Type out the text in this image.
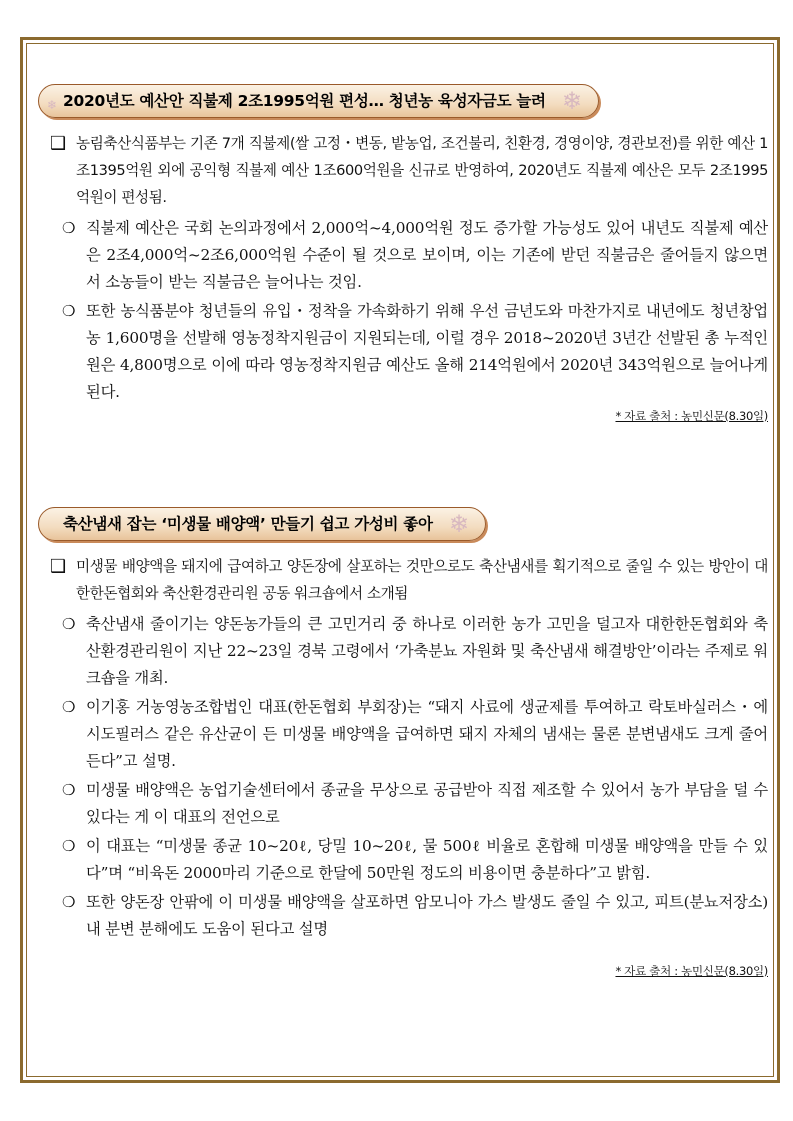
❄ 2020년도 예산안 직불제 2조1995억원 편성… 청년농 육성자금도 늘려 ❄
❑ 농림축산식품부는 기존 7개 직불제(쌀 고정・변동, 밭농업, 조건불리, 친환경, 경영이양, 경관보전)를 위한 예산 1조1395억원 외에 공익형 직불제 예산 1조600억원을 신규로 반영하여, 2020년도 직불제 예산은 모두 2조1995억원이 편성됨.
❍ 직불제 예산은 국회 논의과정에서 2,000억~4,000억원 정도 증가할 가능성도 있어 내년도 직불제 예산은 2조4,000억~2조6,000억원 수준이 될 것으로 보이며, 이는 기존에 받던 직불금은 줄어들지 않으면서 소농들이 받는 직불금은 늘어나는 것임.
❍ 또한 농식품분야 청년들의 유입・정착을 가속화하기 위해 우선 금년도와 마찬가지로 내년에도 청년창업농 1,600명을 선발해 영농정착지원금이 지원되는데, 이럴 경우 2018~2020년 3년간 선발된 총 누적인원은 4,800명으로 이에 따라 영농정착지원금 예산도 올해 214억원에서 2020년 343억원으로 늘어나게 된다.
* 자료 출처 : 농민신문(8.30일)
축산냄새 잡는 ‘미생물 배양액’ 만들기 쉽고 가성비 좋아 ❄
❑ 미생물 배양액을 돼지에 급여하고 양돈장에 살포하는 것만으로도 축산냄새를 획기적으로 줄일 수 있는 방안이 대한한돈협회와 축산환경관리원 공동 워크숍에서 소개됨
❍ 축산냄새 줄이기는 양돈농가들의 큰 고민거리 중 하나로 이러한 농가 고민을 덜고자 대한한돈협회와 축산환경관리원이 지난 22~23일 경북 고령에서 ‘가축분뇨 자원화 및 축산냄새 해결방안’이라는 주제로 워크숍을 개최.
❍ 이기홍 거농영농조합법인 대표(한돈협회 부회장)는 “돼지 사료에 생균제를 투여하고 락토바실러스・에시도필러스 같은 유산균이 든 미생물 배양액을 급여하면 돼지 자체의 냄새는 물론 분변냄새도 크게 줄어든다”고 설명.
❍ 미생물 배양액은 농업기술센터에서 종균을 무상으로 공급받아 직접 제조할 수 있어서 농가 부담을 덜 수 있다는 게 이 대표의 전언으로
❍ 이 대표는 “미생물 종균 10~20ℓ, 당밀 10~20ℓ, 물 500ℓ 비율로 혼합해 미생물 배양액을 만들 수 있다”며 “비육돈 2000마리 기준으로 한달에 50만원 정도의 비용이면 충분하다”고 밝힘.
❍ 또한 양돈장 안팎에 이 미생물 배양액을 살포하면 암모니아 가스 발생도 줄일 수 있고, 피트(분뇨저장소) 내 분변 분해에도 도움이 된다고 설명
* 자료 출처 : 농민신문(8.30일)
